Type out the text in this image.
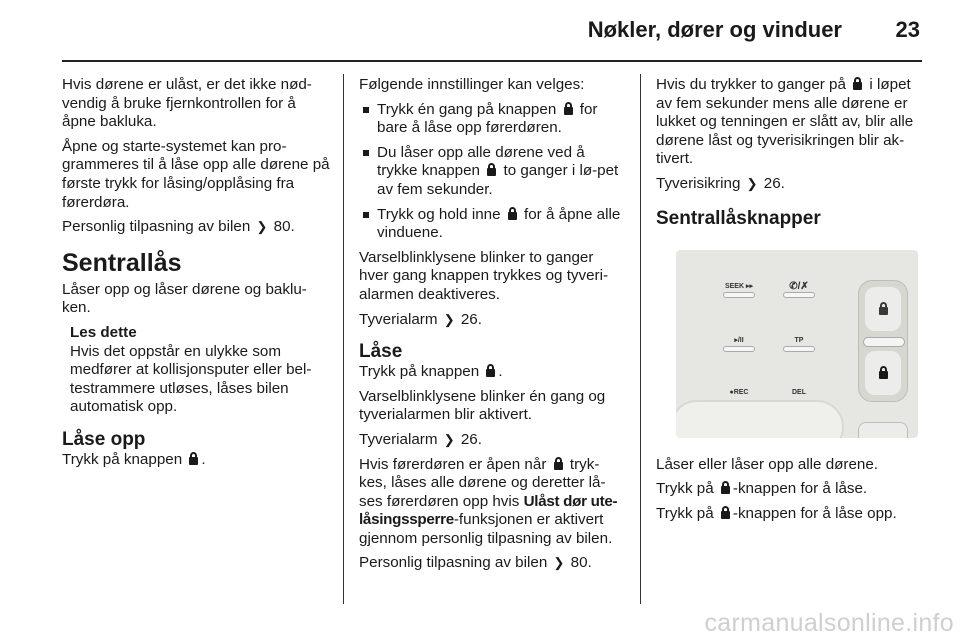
Nøkler, dører og vinduer 23

Hvis dørene er ulåst, er det ikke nød-vendig å bruke fjernkontrollen for å åpne bakluka.

Åpne og starte-systemet kan pro-grammeres til å låse opp alle dørene på første trykk for låsing/opplåsing fra førerdøra.

Personlig tilpasning av bilen ❯ 80.

Sentrallås

Låser opp og låser dørene og baklu-ken.

Les dette
Hvis det oppstår en ulykke som medfører at kollisjonsputer eller bel-testrammere utløses, låses bilen automatisk opp.
Låse opp

Trykk på knappen .

Følgende innstillinger kan velges:

Trykk én gang på knappen for bare å låse opp førerdøren.
Du låser opp alle dørene ved å trykke knappen to ganger i lø-pet av fem sekunder.
Trykk og hold inne for å åpne alle vinduene.

Varselblinklysene blinker to ganger hver gang knappen trykkes og tyveri-alarmen deaktiveres.

Tyverialarm ❯ 26.

Låse

Trykk på knappen .

Varselblinklysene blinker én gang og tyverialarmen blir aktivert.

Tyverialarm ❯ 26.

Hvis førerdøren er åpen når tryk-kes, låses alle dørene og deretter lå-ses førerdøren opp hvis Ulåst dør ute-låsingssperre-funksjonen er aktivert gjennom personlig tilpasning av bilen.

Personlig tilpasning av bilen ❯ 80.

Hvis du trykker to ganger på i løpet av fem sekunder mens alle dørene er lukket og tenningen er slått av, blir alle dørene låst og tyverisikringen blir ak-tivert.

Tyverisikring ❯ 26.

Sentrallåsknapper
SEEK ▸▸	✆/✗
▸/II	TP
●REC	DEL

Låser eller låser opp alle dørene.

Trykk på -knappen for å låse.

Trykk på -knappen for å låse opp.

carmanualsonline.info
